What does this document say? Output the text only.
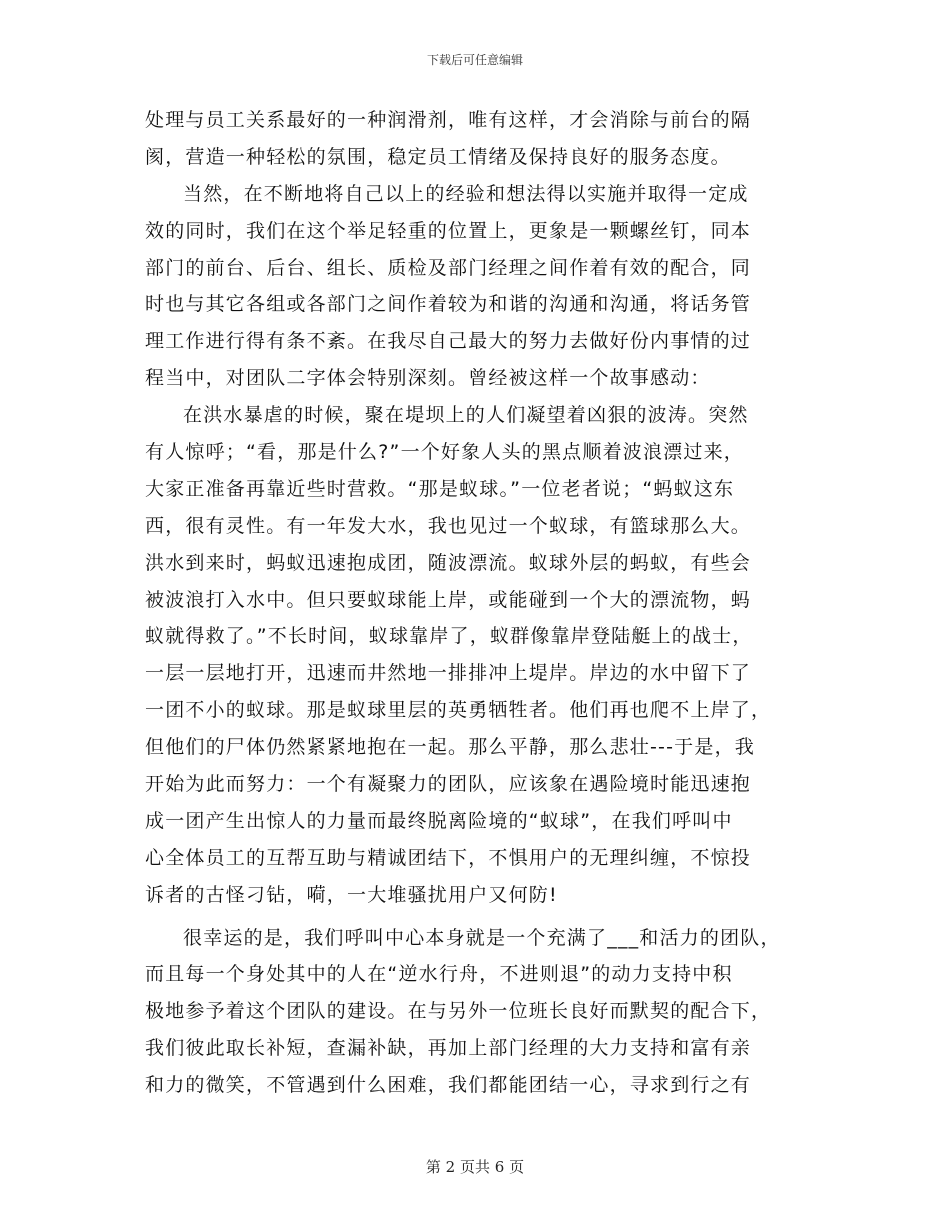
下载后可任意编辑
处理与员工关系最好的一种润滑剂，唯有这样，才会消除与前台的隔
阂，营造一种轻松的氛围，稳定员工情绪及保持良好的服务态度。
当然，在不断地将自己以上的经验和想法得以实施并取得一定成
效的同时，我们在这个举足轻重的位置上，更象是一颗螺丝钉，同本
部门的前台、后台、组长、质检及部门经理之间作着有效的配合，同
时也与其它各组或各部门之间作着较为和谐的沟通和沟通，将话务管
理工作进行得有条不紊。在我尽自己最大的努力去做好份内事情的过
程当中，对团队二字体会特别深刻。曾经被这样一个故事感动：
在洪水暴虐的时候，聚在堤坝上的人们凝望着凶狠的波涛。突然
有人惊呼；“看，那是什么?”一个好象人头的黑点顺着波浪漂过来，
大家正准备再靠近些时营救。“那是蚁球。”一位老者说；“蚂蚁这东
西，很有灵性。有一年发大水，我也见过一个蚁球，有篮球那么大。
洪水到来时，蚂蚁迅速抱成团，随波漂流。蚁球外层的蚂蚁，有些会
被波浪打入水中。但只要蚁球能上岸，或能碰到一个大的漂流物，蚂
蚁就得救了。”不长时间，蚁球靠岸了，蚁群像靠岸登陆艇上的战士，
一层一层地打开，迅速而井然地一排排冲上堤岸。岸边的水中留下了
一团不小的蚁球。那是蚁球里层的英勇牺牲者。他们再也爬不上岸了，
但他们的尸体仍然紧紧地抱在一起。那么平静，那么悲壮---于是，我
开始为此而努力：一个有凝聚力的团队，应该象在遇险境时能迅速抱
成一团产生出惊人的力量而最终脱离险境的“蚁球”，在我们呼叫中
心全体员工的互帮互助与精诚团结下，不惧用户的无理纠缠，不惊投
诉者的古怪刁钻，嗬，一大堆骚扰用户又何防!
很幸运的是，我们呼叫中心本身就是一个充满了___和活力的团队，
而且每一个身处其中的人在“逆水行舟，不进则退”的动力支持中积
极地参予着这个团队的建设。在与另外一位班长良好而默契的配合下，
我们彼此取长补短，查漏补缺，再加上部门经理的大力支持和富有亲
和力的微笑，不管遇到什么困难，我们都能团结一心，寻求到行之有
第 2 页共 6 页
